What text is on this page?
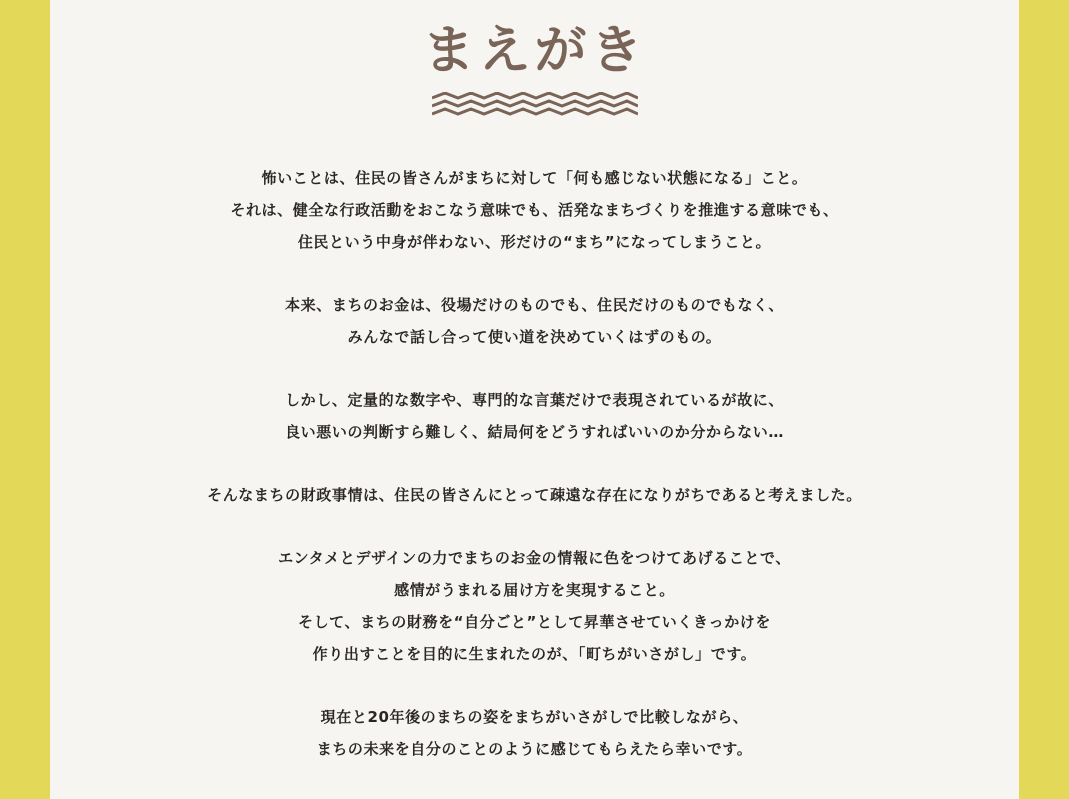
まえがき
怖いことは、住民の皆さんがまちに対して「何も感じない状態になる」こと。
それは、健全な行政活動をおこなう意味でも、活発なまちづくりを推進する意味でも、
住民という中身が伴わない、形だけの“まち”になってしまうこと。
本来、まちのお金は、役場だけのものでも、住民だけのものでもなく、
みんなで話し合って使い道を決めていくはずのもの。
しかし、定量的な数字や、専門的な言葉だけで表現されているが故に、
良い悪いの判断すら難しく、結局何をどうすればいいのか分からない…
そんなまちの財政事情は、住民の皆さんにとって疎遠な存在になりがちであると考えました。
エンタメとデザインの力でまちのお金の情報に色をつけてあげることで、
感情がうまれる届け方を実現すること。
そして、まちの財務を“自分ごと”として昇華させていくきっかけを
作り出すことを目的に生まれたのが、「町ちがいさがし」です。
現在と20年後のまちの姿をまちがいさがしで比較しながら、
まちの未来を自分のことのように感じてもらえたら幸いです。
